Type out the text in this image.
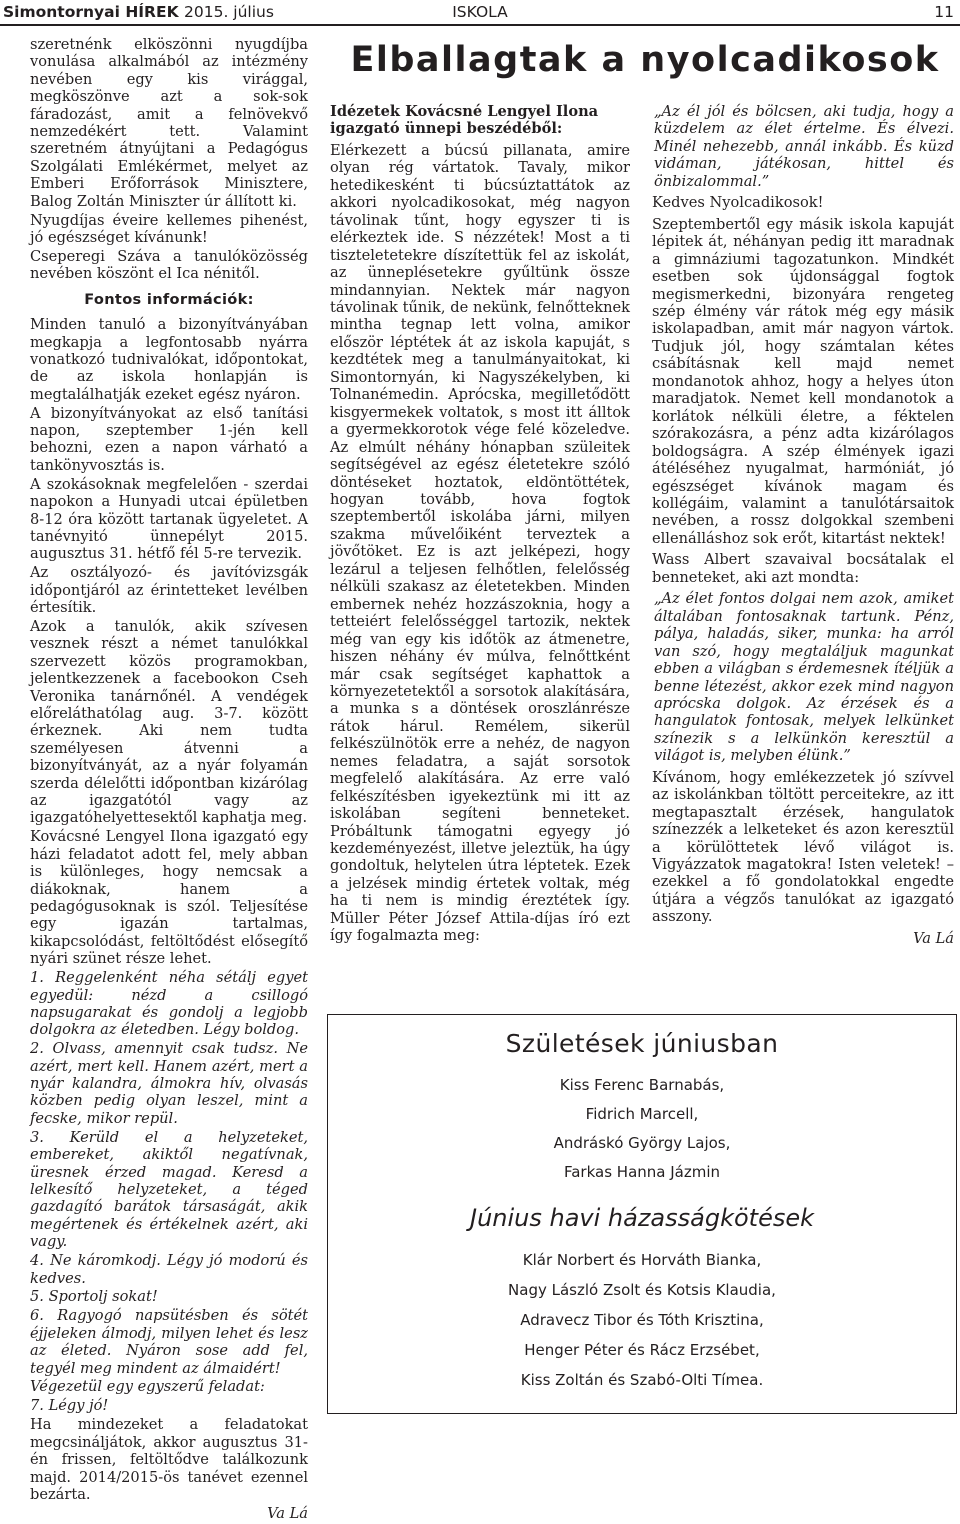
Simontornyai HÍREK 2015. július	ISKOLA	11

szeretnénk elköszönni nyugdíjba vonulása alkalmából az intézmény nevében egy kis virággal, megköszönve azt a sok-sok fáradozást, amit a felnövekvő nemzedékért tett. Valamint szeretném átnyújtani a Pedagógus Szolgálati Emlékérmet, melyet az Emberi Erőforrások Minisztere, Balog Zoltán Miniszter úr állított ki.

Nyugdíjas éveire kellemes pihenést, jó egészséget kívánunk!

Cseperegi Száva a tanulóközösség nevében köszönt el Ica nénitől.

Fontos információk:

Minden tanuló a bizonyítványában megkapja a legfontosabb nyárra vonatkozó tudnivalókat, időpontokat, de az iskola honlapján is megtalálhatják ezeket egész nyáron.

A bizonyítványokat az első tanítási napon, szeptember 1-jén kell behozni, ezen a napon várható a tankönyvosztás is.

A szokásoknak megfelelően - szerdai napokon a Hunyadi utcai épületben 8-12 óra között tartanak ügyeletet. A tanévnyitó ünnepélyt 2015. augusztus 31. hétfő fél 5-re tervezik.

Az osztályozó- és javítóvizsgák időpontjáról az érintetteket levélben értesítik.

Azok a tanulók, akik szívesen vesznek részt a német tanulókkal szervezett közös programokban, jelentkezzenek a facebookon Cseh Veronika tanárnőnél. A vendégek előreláthatólag aug. 3-7. között érkeznek. Aki nem tudta személyesen átvenni a bizonyítványát, az a nyár folyamán szerda délelőtti időpontban kizárólag az igazgatótól vagy az igazgatóhelyettesektől kaphatja meg.

Kovácsné Lengyel Ilona igazgató egy házi feladatot adott fel, mely abban is különleges, hogy nemcsak a diákoknak, hanem a pedagógusoknak is szól. Teljesítése egy igazán tartalmas, kikapcsolódást, feltöltődést elősegítő nyári szünet része lehet.

1. Reggelenként néha sétálj egyet egyedül: nézd a csillogó napsugarakat és gondolj a legjobb dolgokra az életedben. Légy boldog.

2. Olvass, amennyit csak tudsz. Ne azért, mert kell. Hanem azért, mert a nyár kalandra, álmokra hív, olvasás közben pedig olyan leszel, mint a fecske, mikor repül.

3. Kerüld el a helyzeteket, embereket, akiktől negatívnak, üresnek érzed magad. Keresd a lelkesítő helyzeteket, a téged gazdagító barátok társaságát, akik megértenek és értékelnek azért, aki vagy.

4. Ne káromkodj. Légy jó modorú és kedves.

5. Sportolj sokat!

6. Ragyogó napsütésben és sötét éjjeleken álmodj, milyen lehet és lesz az életed. Nyáron sose add fel, tegyél meg mindent az álmaidért!

Végezetül egy egyszerű feladat:

7. Légy jó!

Ha mindezeket a feladatokat megcsináljátok, akkor augusztus 31-én frissen, feltöltődve találkozunk majd. 2014/2015-ös tanévet ezennel bezárta.

Va Lá

Elballagtak a nyolcadikosok

Idézetek Kovácsné Lengyel Ilona igazgató ünnepi beszédéből:

Elérkezett a búcsú pillanata, amire olyan rég vártatok. Tavaly, mikor hetedikesként ti búcsúztattátok az akkori nyolcadikosokat, még nagyon távolinak tűnt, hogy egyszer ti is elérkeztek ide. S nézzétek! Most a ti tiszteletetekre díszítettük fel az iskolát, az ünneplésetekre gyűltünk össze mindannyian. Nektek már nagyon távolinak tűnik, de nekünk, felnőtteknek mintha tegnap lett volna, amikor először léptétek át az iskola kapuját, s kezdtétek meg a tanulmányaitokat, ki Simontornyán, ki Nagyszékelyben, ki Tolnanémedin. Aprócska, megilletődött kisgyermekek voltatok, s most itt álltok a gyermekkorotok vége felé közeledve. Az elmúlt néhány hónapban szüleitek segítségével az egész életetekre szóló döntéseket hoztatok, eldöntöttétek, hogyan tovább, hova fogtok szeptembertől iskolába járni, milyen szakma művelőiként terveztek a jövőtöket. Ez is azt jelképezi, hogy lezárul a teljesen felhőtlen, felelősség nélküli szakasz az életetekben. Minden embernek nehéz hozzászoknia, hogy a tetteiért felelősséggel tartozik, nektek még van egy kis időtök az átmenetre, hiszen néhány év múlva, felnőttként már csak segítséget kaphattok a környezetetektől a sorsotok alakítására, a munka s a döntések oroszlánrésze rátok hárul. Remélem, sikerül felkészülnötök erre a nehéz, de nagyon nemes feladatra, a saját sorsotok megfelelő alakítására. Az erre való felkészítésben igyekeztünk mi itt az iskolában segíteni benneteket. Próbáltunk támogatni egyegy jó kezdeményezést, illetve jeleztük, ha úgy gondoltuk, helytelen útra léptetek. Ezek a jelzések mindig értetek voltak, még ha ti nem is mindig éreztétek így. Müller Péter József Attila-díjas író ezt így fogalmazta meg:

„Az él jól és bölcsen, aki tudja, hogy a küzdelem az élet értelme. És élvezi. Minél nehezebb, annál inkább. És küzd vidáman, játékosan, hittel és önbizalommal.”

Kedves Nyolcadikosok!

Szeptembertől egy másik iskola kapuját lépitek át, néhányan pedig itt maradnak a gimnáziumi tagozatunkon. Mindkét esetben sok újdonsággal fogtok megismerkedni, bizonyára rengeteg szép élmény vár rátok még egy másik iskolapadban, amit már nagyon vártok. Tudjuk jól, hogy számtalan kétes csábításnak kell majd nemet mondanotok ahhoz, hogy a helyes úton maradjatok. Nemet kell mondanotok a korlátok nélküli életre, a féktelen szórakozásra, a pénz adta kizárólagos boldogságra. A szép élmények igazi átéléséhez nyugalmat, harmóniát, jó egészséget kívánok magam és kollégáim, valamint a tanulótársaitok nevében, a rossz dolgokkal szembeni ellenálláshoz sok erőt, kitartást nektek!

Wass Albert szavaival bocsátalak el benneteket, aki azt mondta:

„Az élet fontos dolgai nem azok, amiket általában fontosaknak tartunk. Pénz, pálya, haladás, siker, munka: ha arról van szó, hogy megtaláljuk magunkat ebben a világban s érdemesnek ítéljük a benne létezést, akkor ezek mind nagyon aprócska dolgok. Az érzések és a hangulatok fontosak, melyek lelkünket színezik s a lelkünkön keresztül a világot is, melyben élünk.”

Kívánom, hogy emlékezzetek jó szívvel az iskolánkban töltött perceitekre, az itt megtapasztalt érzések, hangulatok színezzék a lelketeket és azon keresztül a körülöttetek lévő világot is. Vigyázzatok magatokra! Isten veletek! – ezekkel a fő gondolatokkal engedte útjára a végzős tanulókat az igazgató asszony.

Va Lá

Születések júniusban
Kiss Ferenc Barnabás,
Fidrich Marcell,
Andráskó György Lajos,
Farkas Hanna Jázmin
Június havi házasságkötések
Klár Norbert és Horváth Bianka,
Nagy László Zsolt és Kotsis Klaudia,
Adravecz Tibor és Tóth Krisztina,
Henger Péter és Rácz Erzsébet,
Kiss Zoltán és Szabó-Olti Tímea.
